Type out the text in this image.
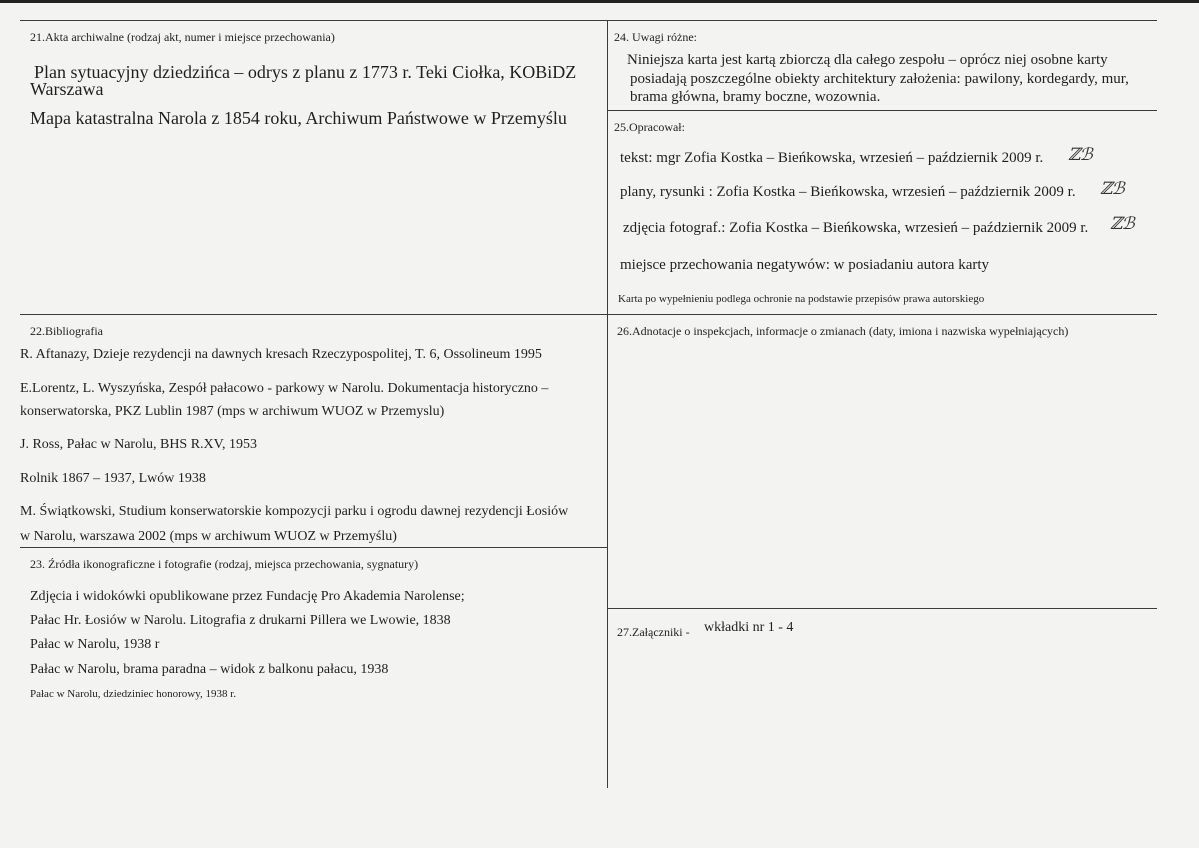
21.Akta archiwalne (rodzaj akt, numer i miejsce przechowania)
Plan sytuacyjny dziedzińca – odrys z planu z 1773 r. Teki Ciołka, KOBiDZ
Warszawa
Mapa katastralna Narola z 1854 roku, Archiwum Państwowe w Przemyślu
22.Bibliografia
R. Aftanazy, Dzieje rezydencji na dawnych kresach Rzeczypospolitej, T. 6, Ossolineum 1995
E.Lorentz, L. Wyszyńska, Zespół pałacowo - parkowy w Narolu. Dokumentacja historyczno –
konserwatorska, PKZ Lublin 1987 (mps w archiwum WUOZ w Przemyslu)
J. Ross, Pałac w Narolu, BHS R.XV, 1953
Rolnik 1867 – 1937, Lwów 1938
M. Świątkowski, Studium konserwatorskie kompozycji parku i ogrodu dawnej rezydencji Łosiów
w Narolu, warszawa 2002 (mps w archiwum WUOZ w Przemyślu)
23. Źródła ikonograficzne i fotografie (rodzaj, miejsca przechowania, sygnatury)
Zdjęcia i widokówki opublikowane przez Fundację Pro Akademia Narolense;
Pałac Hr. Łosiów w Narolu. Litografia z drukarni Pillera we Lwowie, 1838
Pałac w Narolu, 1938 r
Pałac w Narolu, brama paradna – widok z balkonu pałacu, 1938
Pałac w Narolu, dziedziniec honorowy, 1938 r.
24. Uwagi różne:
Niniejsza karta jest kartą zbiorczą dla całego zespołu – oprócz niej osobne karty
posiadają poszczególne obiekty architektury założenia: pawilony, kordegardy, mur,
brama główna, bramy boczne, wozownia.
25.Opracował:
tekst: mgr Zofia Kostka – Bieńkowska, wrzesień – październik 2009 r. ℤℬ
plany, rysunki : Zofia Kostka – Bieńkowska, wrzesień – październik 2009 r. ℤℬ
zdjęcia fotograf.: Zofia Kostka – Bieńkowska, wrzesień – październik 2009 r. ℤℬ
miejsce przechowania negatywów: w posiadaniu autora karty
Karta po wypełnieniu podlega ochronie na podstawie przepisów prawa autorskiego
26.Adnotacje o inspekcjach, informacje o zmianach (daty, imiona i nazwiska wypełniających)
27.Załączniki - wkładki nr 1 - 4
